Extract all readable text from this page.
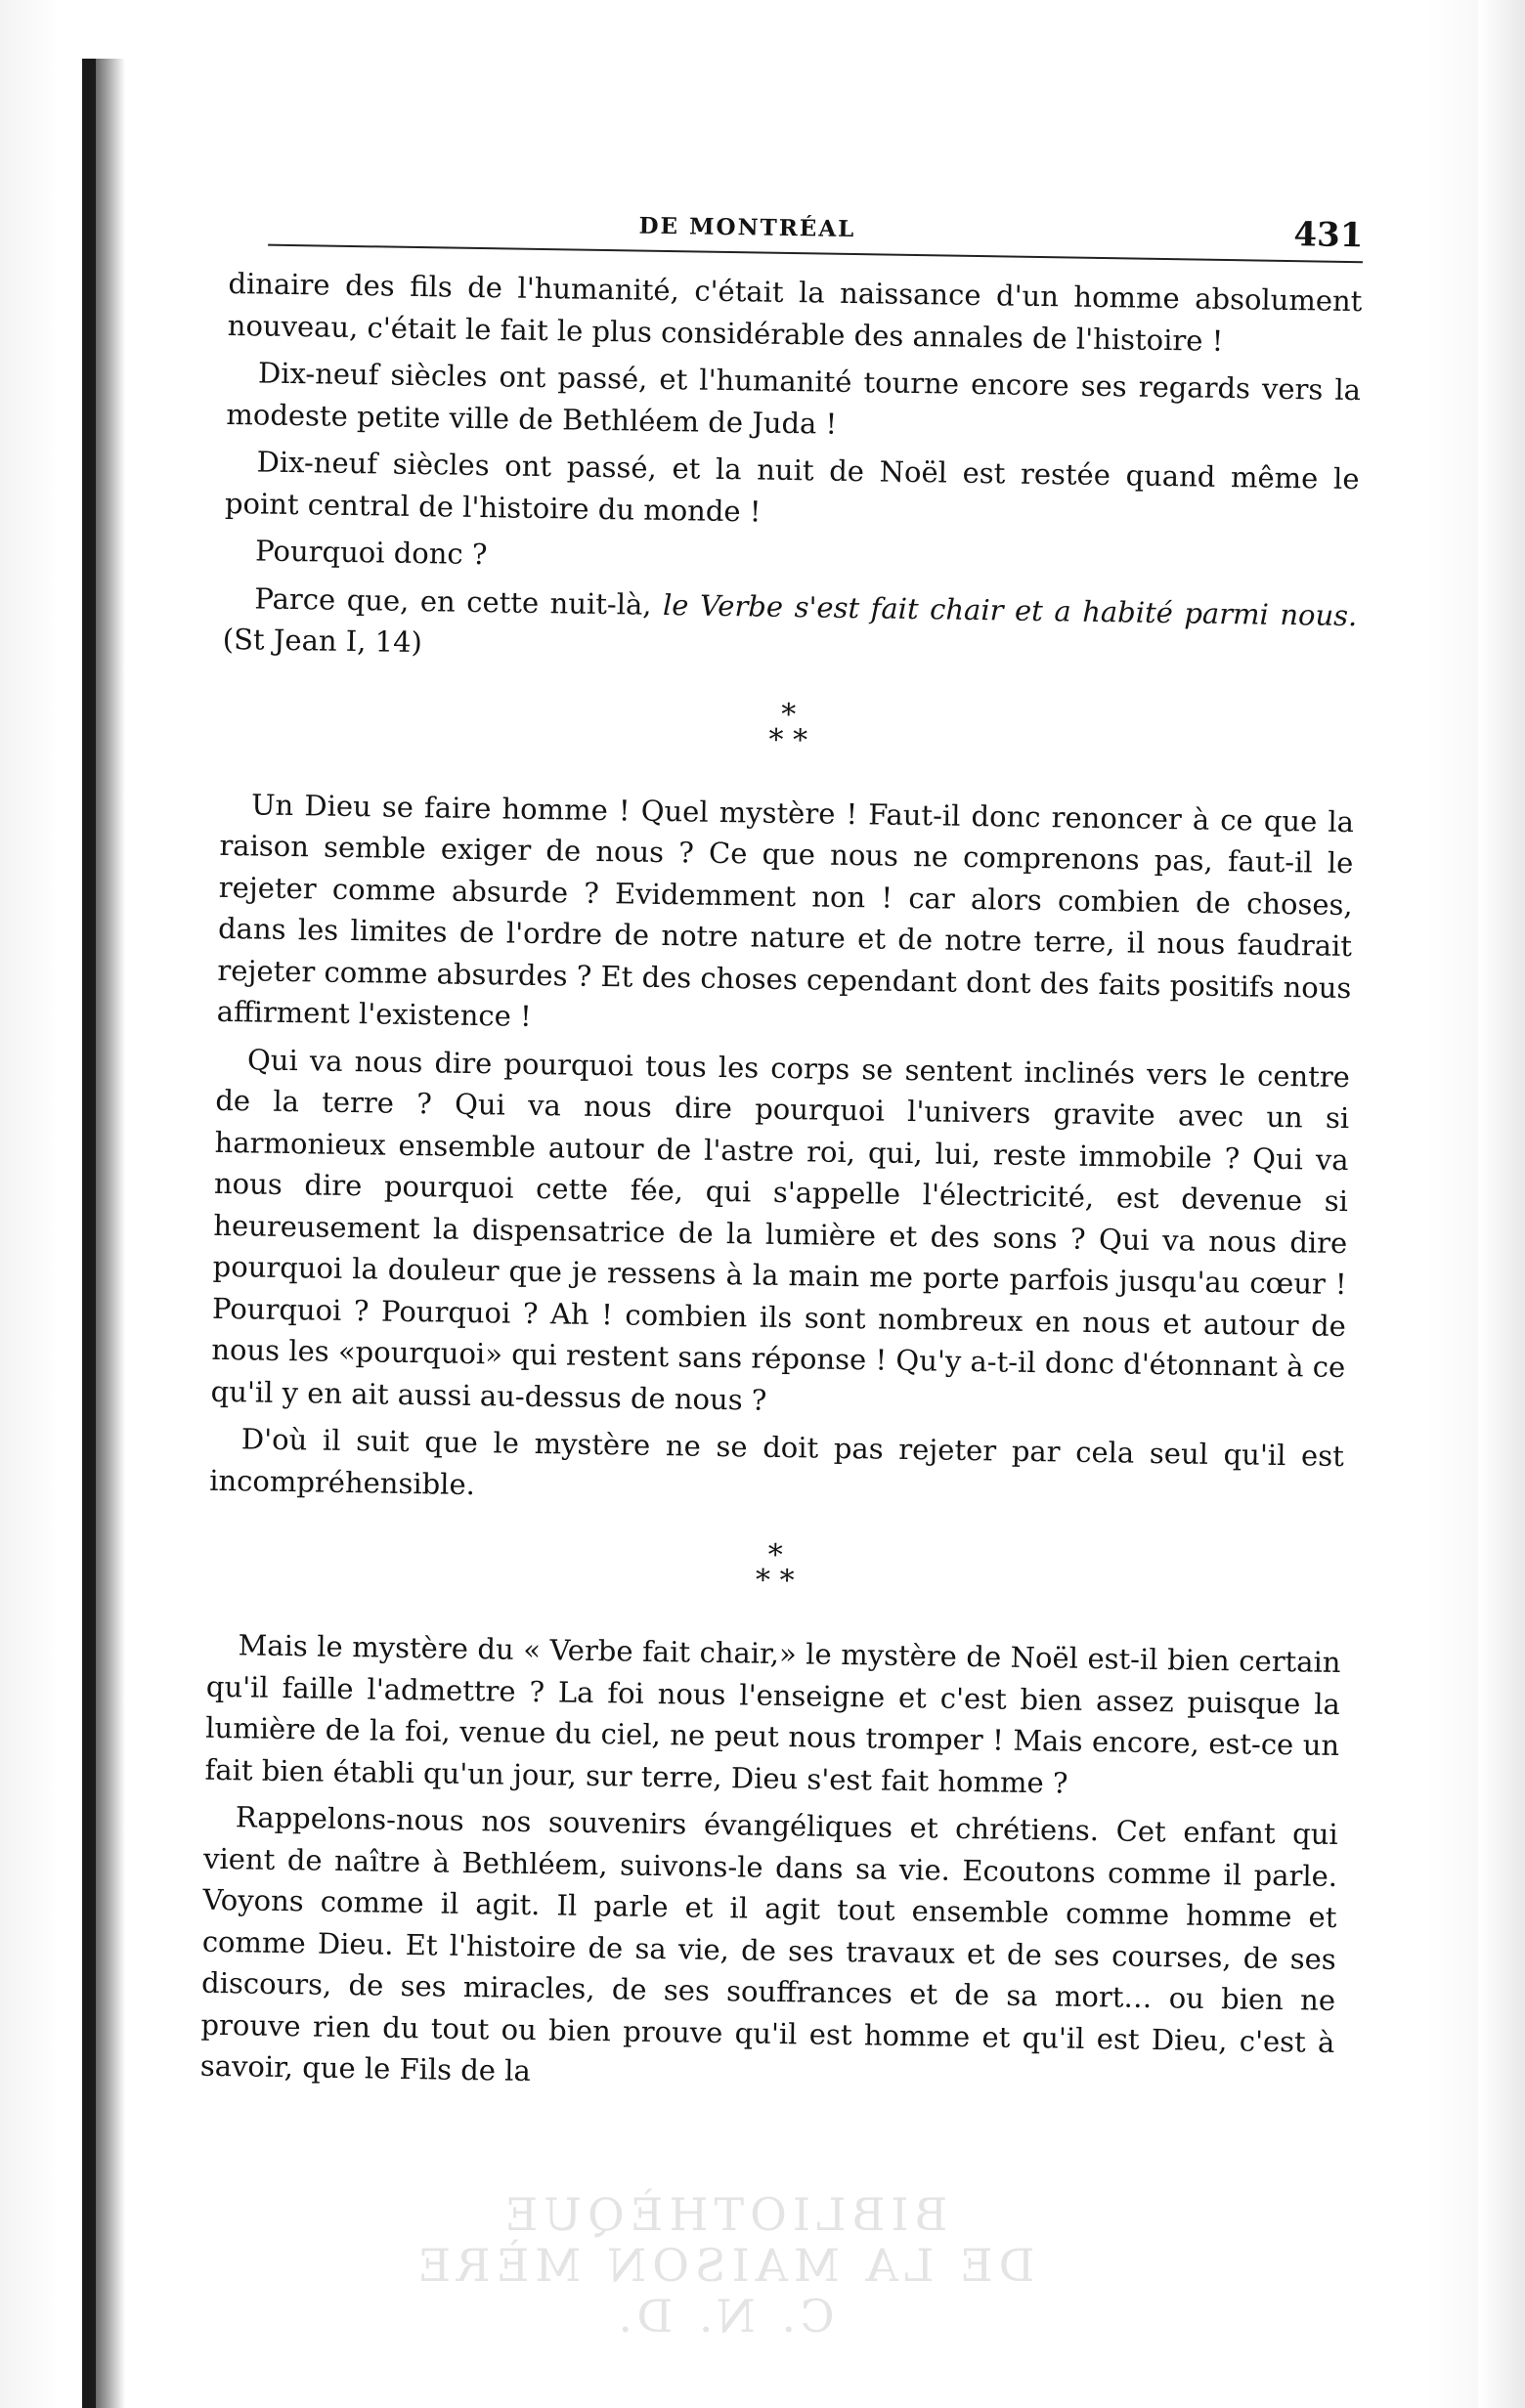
DE MONTRÉAL	431

dinaire des fils de l'humanité, c'était la naissance d'un homme absolument nouveau, c'était le fait le plus considérable des annales de l'histoire !

Dix-neuf siècles ont passé, et l'humanité tourne encore ses regards vers la modeste petite ville de Bethléem de Juda !

Dix-neuf siècles ont passé, et la nuit de Noël est restée quand même le point central de l'histoire du monde !

Pourquoi donc ?

Parce que, en cette nuit-là, le Verbe s'est fait chair et a habité parmi nous. (St Jean I, 14)

*
* *

Un Dieu se faire homme ! Quel mystère ! Faut-il donc renoncer à ce que la raison semble exiger de nous ? Ce que nous ne comprenons pas, faut-il le rejeter comme absurde ? Evidemment non ! car alors combien de choses, dans les limites de l'ordre de notre nature et de notre terre, il nous faudrait rejeter comme absurdes ? Et des choses cependant dont des faits positifs nous affirment l'existence !

Qui va nous dire pourquoi tous les corps se sentent inclinés vers le centre de la terre ? Qui va nous dire pourquoi l'univers gravite avec un si harmonieux ensemble autour de l'astre roi, qui, lui, reste immobile ? Qui va nous dire pourquoi cette fée, qui s'appelle l'électricité, est devenue si heureusement la dispensatrice de la lumière et des sons ? Qui va nous dire pourquoi la douleur que je ressens à la main me porte parfois jusqu'au cœur ! Pourquoi ? Pourquoi ? Ah ! combien ils sont nombreux en nous et autour de nous les «pourquoi» qui restent sans réponse ! Qu'y a-t-il donc d'étonnant à ce qu'il y en ait aussi au-dessus de nous ?

D'où il suit que le mystère ne se doit pas rejeter par cela seul qu'il est incompréhensible.

*
* *

Mais le mystère du « Verbe fait chair,» le mystère de Noël est-il bien certain qu'il faille l'admettre ? La foi nous l'enseigne et c'est bien assez puisque la lumière de la foi, venue du ciel, ne peut nous tromper ! Mais encore, est-ce un fait bien établi qu'un jour, sur terre, Dieu s'est fait homme ?

Rappelons-nous nos souvenirs évangéliques et chrétiens. Cet enfant qui vient de naître à Bethléem, suivons-le dans sa vie. Ecoutons comme il parle. Voyons comme il agit. Il parle et il agit tout ensemble comme homme et comme Dieu. Et l'histoire de sa vie, de ses travaux et de ses courses, de ses discours, de ses miracles, de ses souffrances et de sa mort… ou bien ne prouve rien du tout ou bien prouve qu'il est homme et qu'il est Dieu, c'est à savoir, que le Fils de la

BIBLIOTHÈQUE
DE LA MAISON MÈRE
C. N. D.
